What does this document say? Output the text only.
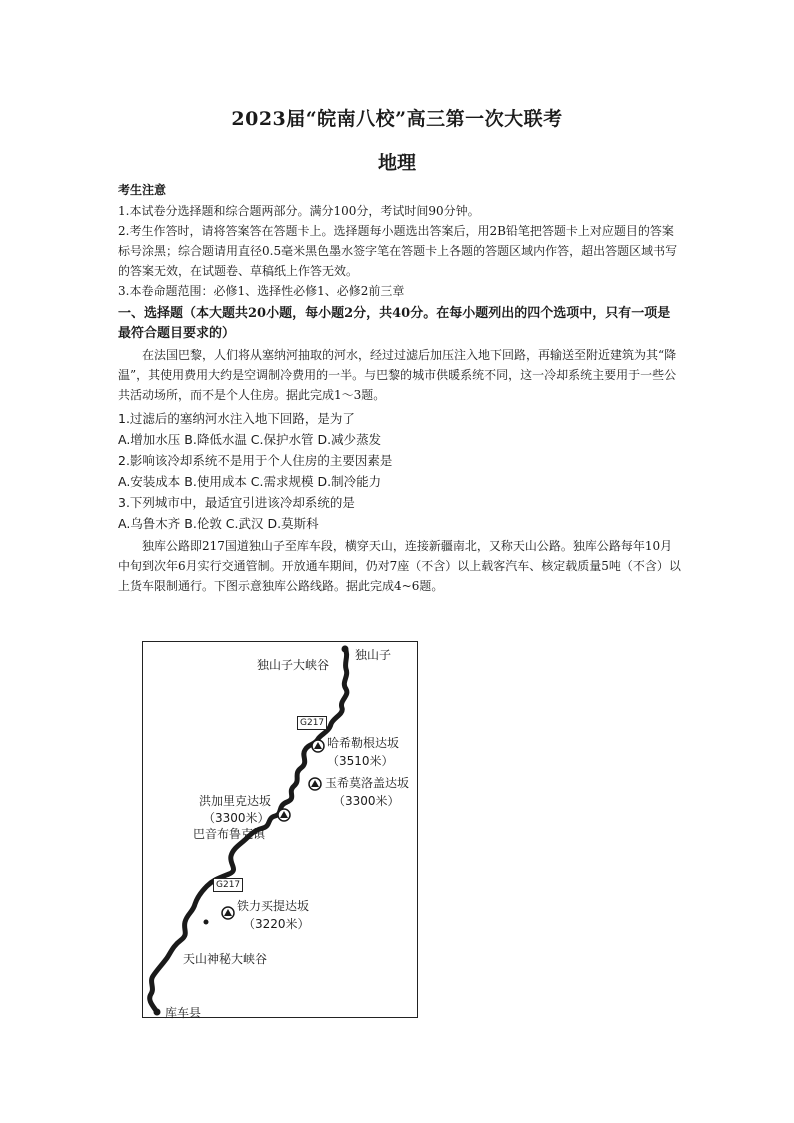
2023届“皖南八校”高三第一次大联考
地理
考生注意
1.本试卷分选择题和综合题两部分。满分100分，考试时间90分钟。
2.考生作答时，请将答案答在答题卡上。选择题每小题选出答案后，用2B铅笔把答题卡上对应题目的答案标号涂黑；综合题请用直径0.5毫米黑色墨水签字笔在答题卡上各题的答题区域内作答，超出答题区域书写的答案无效，在试题卷、草稿纸上作答无效。
3.本卷命题范围：必修1、选择性必修1、必修2前三章
一、选择题（本大题共20小题，每小题2分，共40分。在每小题列出的四个选项中，只有一项是最符合题目要求的）
在法国巴黎，人们将从塞纳河抽取的河水，经过过滤后加压注入地下回路，再输送至附近建筑为其“降温”，其使用费用大约是空调制冷费用的一半。与巴黎的城市供暖系统不同，这一冷却系统主要用于一些公共活动场所，而不是个人住房。据此完成1～3题。
1.过滤后的塞纳河水注入地下回路，是为了
A.增加水压 B.降低水温 C.保护水管 D.减少蒸发
2.影响该冷却系统不是用于个人住房的主要因素是
A.安装成本 B.使用成本 C.需求规模 D.制冷能力
3.下列城市中，最适宜引进该冷却系统的是
A.乌鲁木齐 B.伦敦 C.武汉 D.莫斯科
独库公路即217国道独山子至库车段，横穿天山，连接新疆南北，又称天山公路。独库公路每年10月中旬到次年6月实行交通管制。开放通车期间，仍对7座（不含）以上载客汽车、核定载质量5吨（不含）以上货车限制通行。下图示意独库公路线路。据此完成4~6题。
独山子
独山子大峡谷
G217
哈希勒根达坂
（3510米）
玉希莫洛盖达坂
（3300米）
洪加里克达坂
（3300米）
巴音布鲁克镇
G217
铁力买提达坂
（3220米）
天山神秘大峡谷
库车县
